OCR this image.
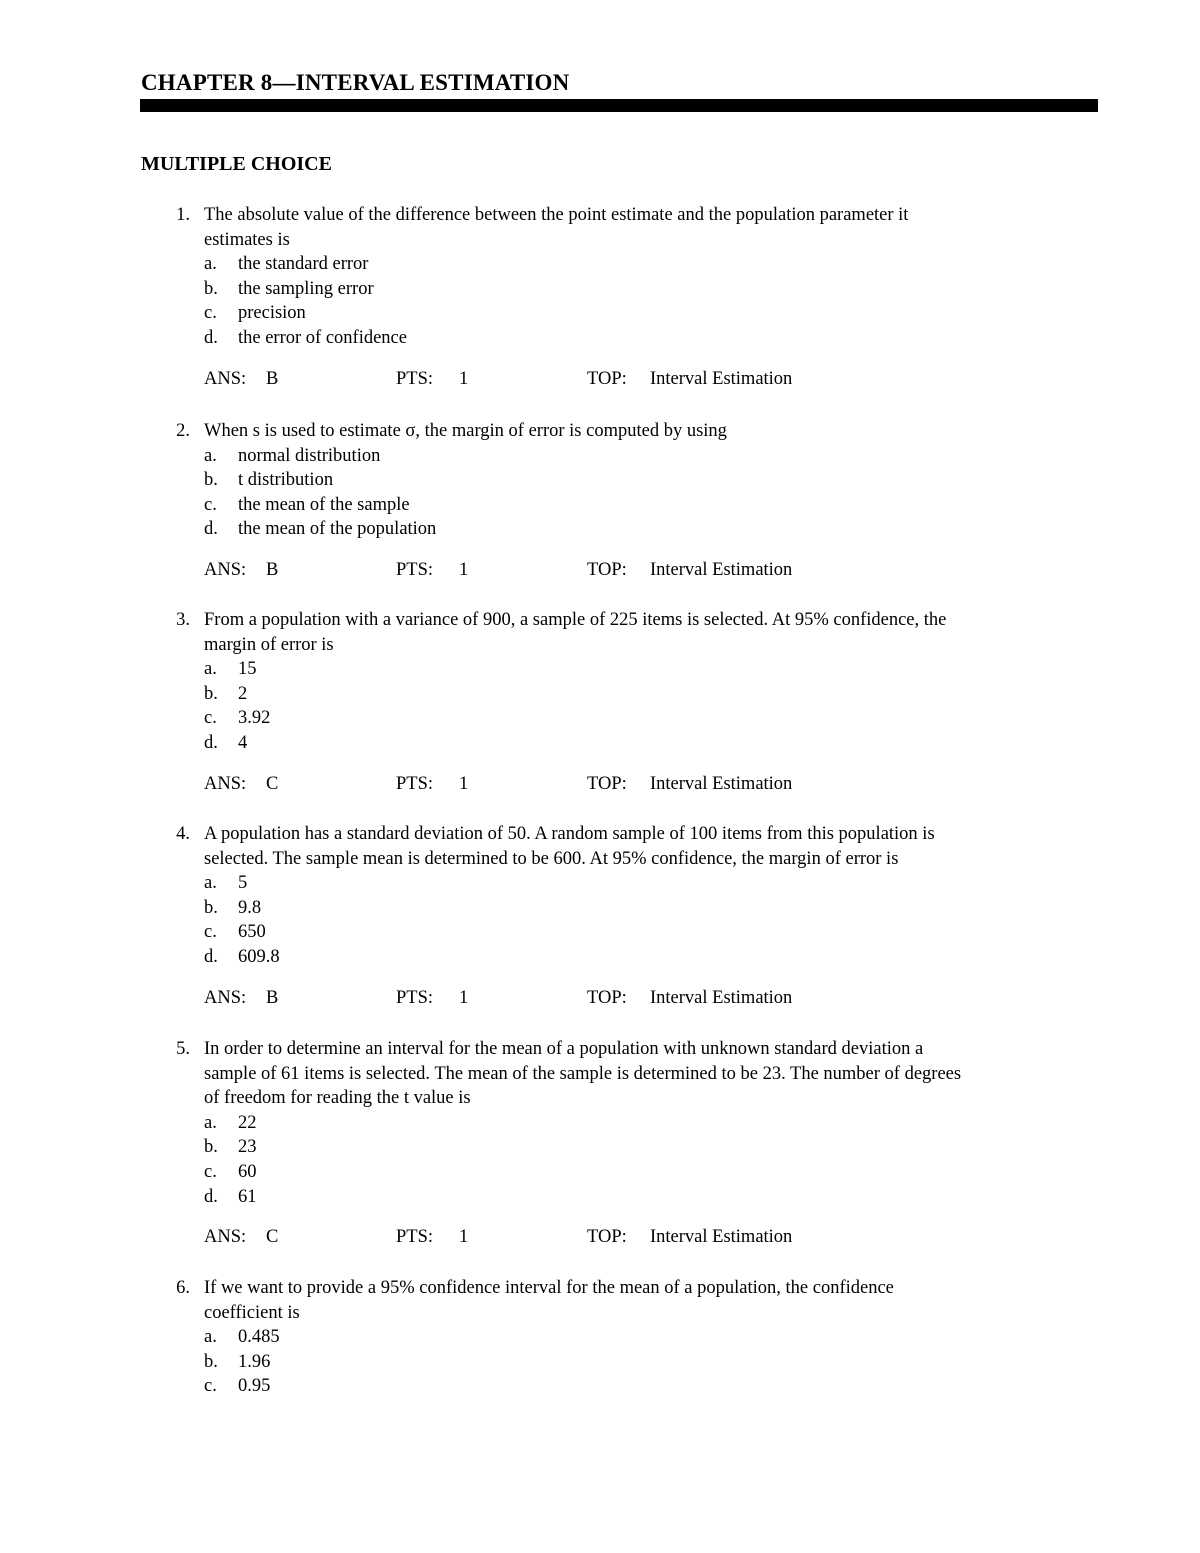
CHAPTER 8—INTERVAL ESTIMATION
MULTIPLE CHOICE
1. The absolute value of the difference between the point estimate and the population parameter it
estimates is
a. the standard error
b. the sampling error
c. precision
d. the error of confidence
ANS: B	PTS: 1	TOP: Interval Estimation
2. When s is used to estimate σ, the margin of error is computed by using
a. normal distribution
b. t distribution
c. the mean of the sample
d. the mean of the population
ANS: B	PTS: 1	TOP: Interval Estimation
3. From a population with a variance of 900, a sample of 225 items is selected. At 95% confidence, the
margin of error is
a. 15
b. 2
c. 3.92
d. 4
ANS: C	PTS: 1	TOP: Interval Estimation
4. A population has a standard deviation of 50. A random sample of 100 items from this population is
selected. The sample mean is determined to be 600. At 95% confidence, the margin of error is
a. 5
b. 9.8
c. 650
d. 609.8
ANS: B	PTS: 1	TOP: Interval Estimation
5. In order to determine an interval for the mean of a population with unknown standard deviation a
sample of 61 items is selected. The mean of the sample is determined to be 23. The number of degrees
of freedom for reading the t value is
a. 22
b. 23
c. 60
d. 61
ANS: C	PTS: 1	TOP: Interval Estimation
6. If we want to provide a 95% confidence interval for the mean of a population, the confidence
coefficient is
a. 0.485
b. 1.96
c. 0.95
